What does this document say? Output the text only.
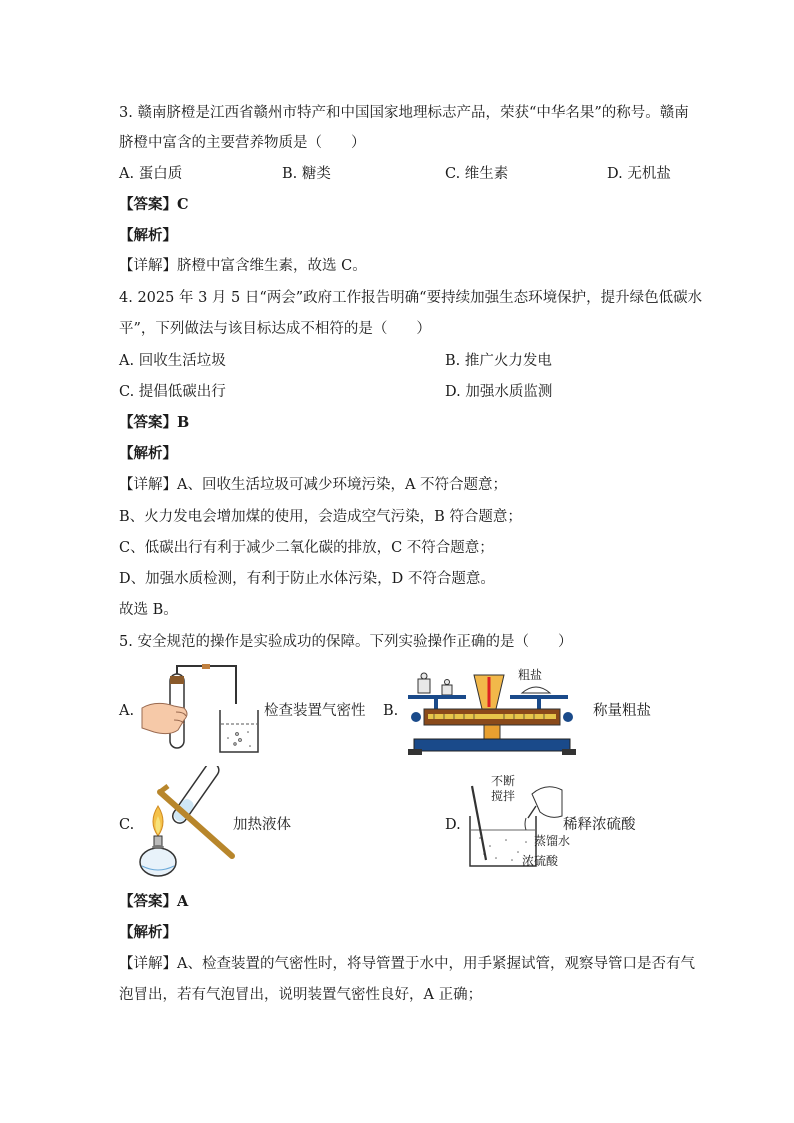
3. 赣南脐橙是江西省赣州市特产和中国国家地理标志产品，荣获“中华名果”的称号。赣南
脐橙中富含的主要营养物质是（　　）
A. 蛋白质	B. 糖类	C. 维生素	D. 无机盐
【答案】C
【解析】
【详解】脐橙中富含维生素，故选 C。
4. 2025 年 3 月 5 日“两会”政府工作报告明确“要持续加强生态环境保护，提升绿色低碳水
平”，下列做法与该目标达成不相符的是（　　）
A. 回收生活垃圾	B. 推广火力发电
C. 提倡低碳出行	D. 加强水质监测
【答案】B
【解析】
【详解】A、回收生活垃圾可减少环境污染，A 不符合题意；
B、火力发电会增加煤的使用，会造成空气污染，B 符合题意；
C、低碳出行有利于减少二氧化碳的排放，C 不符合题意；
D、加强水质检测，有利于防止水体污染，D 不符合题意。
故选 B。
5. 安全规范的操作是实验成功的保障。下列实验操作正确的是（　　）
A.	检查装置气密性 B.
粗盐
称量粗盐
C.	加热液体	D.
不断
搅拌
蒸馏水
浓硫酸
稀释浓硫酸
【答案】A
【解析】
【详解】A、检查装置的气密性时，将导管置于水中，用手紧握试管，观察导管口是否有气
泡冒出，若有气泡冒出，说明装置气密性良好，A 正确；
